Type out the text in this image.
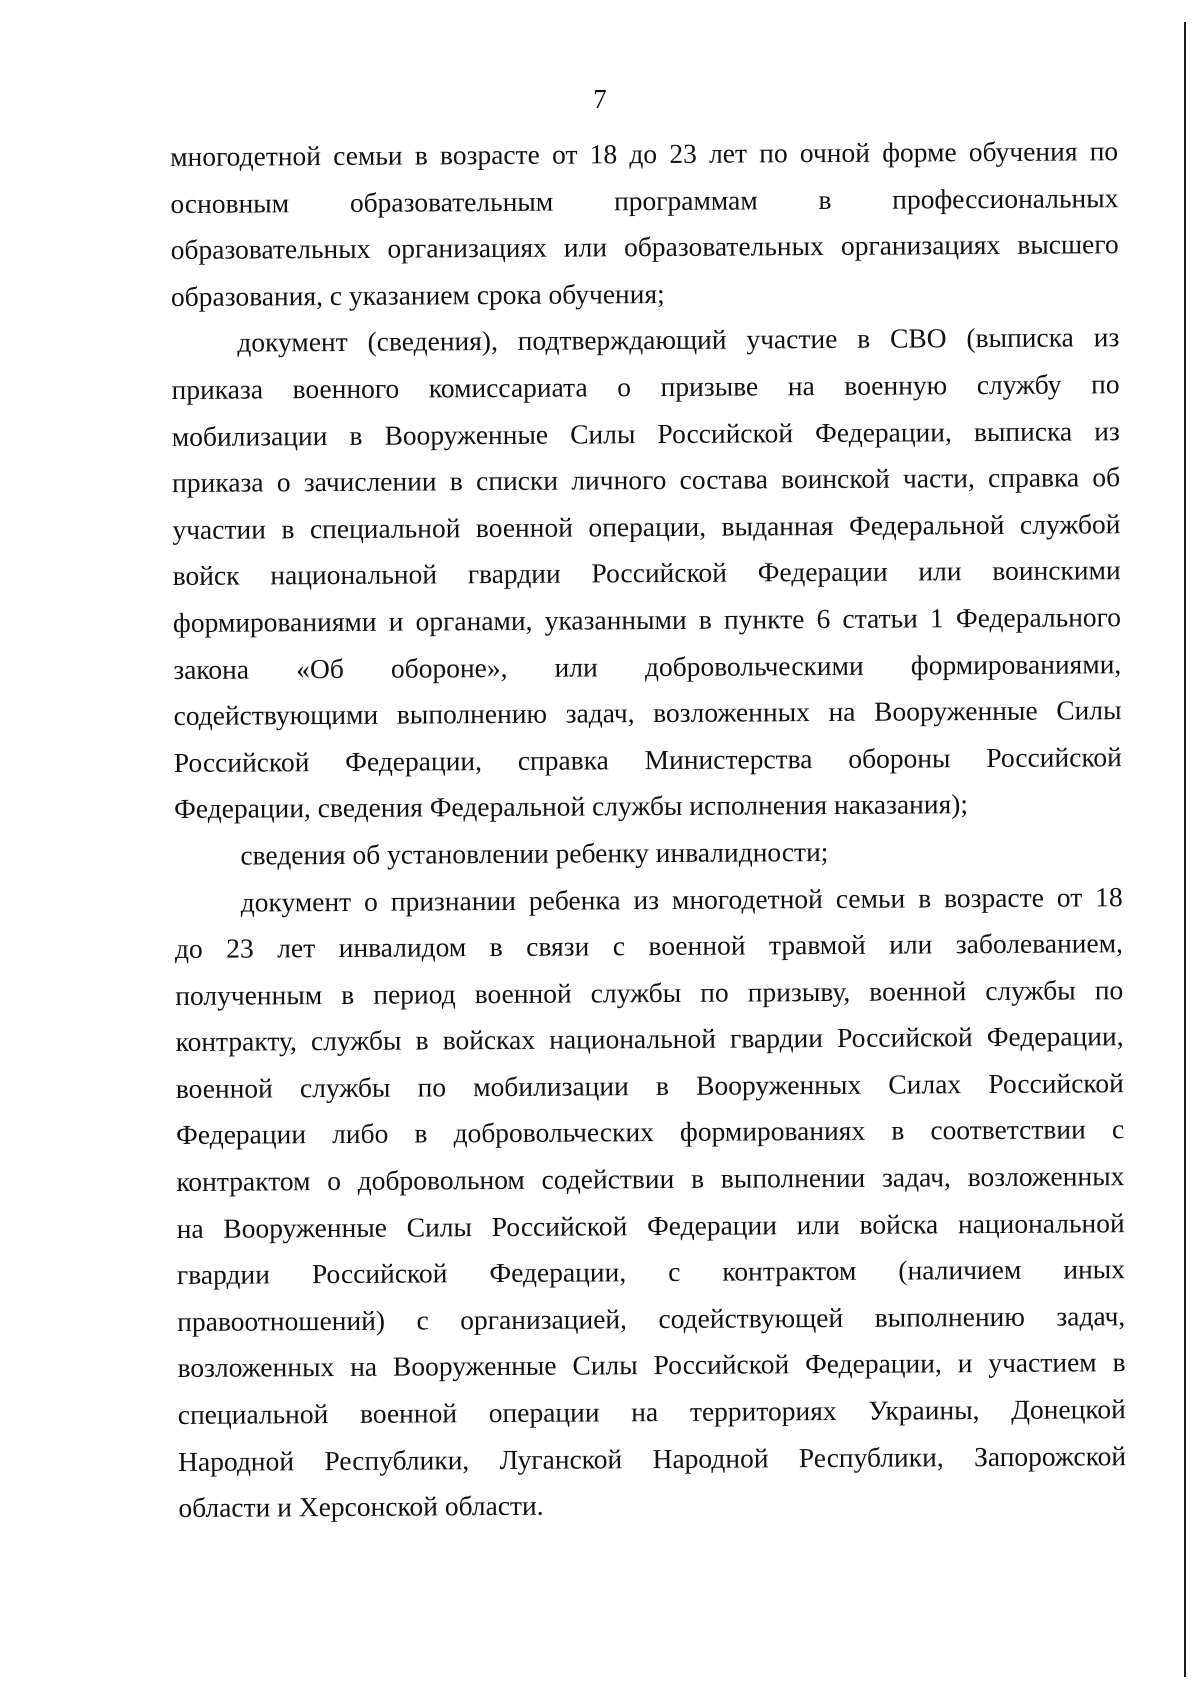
7
многодетной семьи в возрасте от 18 до 23 лет по очной форме обучения по
основным образовательным программам в профессиональных
образовательных организациях или образовательных организациях высшего
образования, с указанием срока обучения;
документ (сведения), подтверждающий участие в СВО (выписка из
приказа военного комиссариата о призыве на военную службу по
мобилизации в Вооруженные Силы Российской Федерации, выписка из
приказа о зачислении в списки личного состава воинской части, справка об
участии в специальной военной операции, выданная Федеральной службой
войск национальной гвардии Российской Федерации или воинскими
формированиями и органами, указанными в пункте 6 статьи 1 Федерального
закона «Об обороне», или добровольческими формированиями,
содействующими выполнению задач, возложенных на Вооруженные Силы
Российской Федерации, справка Министерства обороны Российской
Федерации, сведения Федеральной службы исполнения наказания);
сведения об установлении ребенку инвалидности;
документ о признании ребенка из многодетной семьи в возрасте от 18
до 23 лет инвалидом в связи с военной травмой или заболеванием,
полученным в период военной службы по призыву, военной службы по
контракту, службы в войсках национальной гвардии Российской Федерации,
военной службы по мобилизации в Вооруженных Силах Российской
Федерации либо в добровольческих формированиях в соответствии с
контрактом о добровольном содействии в выполнении задач, возложенных
на Вооруженные Силы Российской Федерации или войска национальной
гвардии Российской Федерации, с контрактом (наличием иных
правоотношений) с организацией, содействующей выполнению задач,
возложенных на Вооруженные Силы Российской Федерации, и участием в
специальной военной операции на территориях Украины, Донецкой
Народной Республики, Луганской Народной Республики, Запорожской
области и Херсонской области.
